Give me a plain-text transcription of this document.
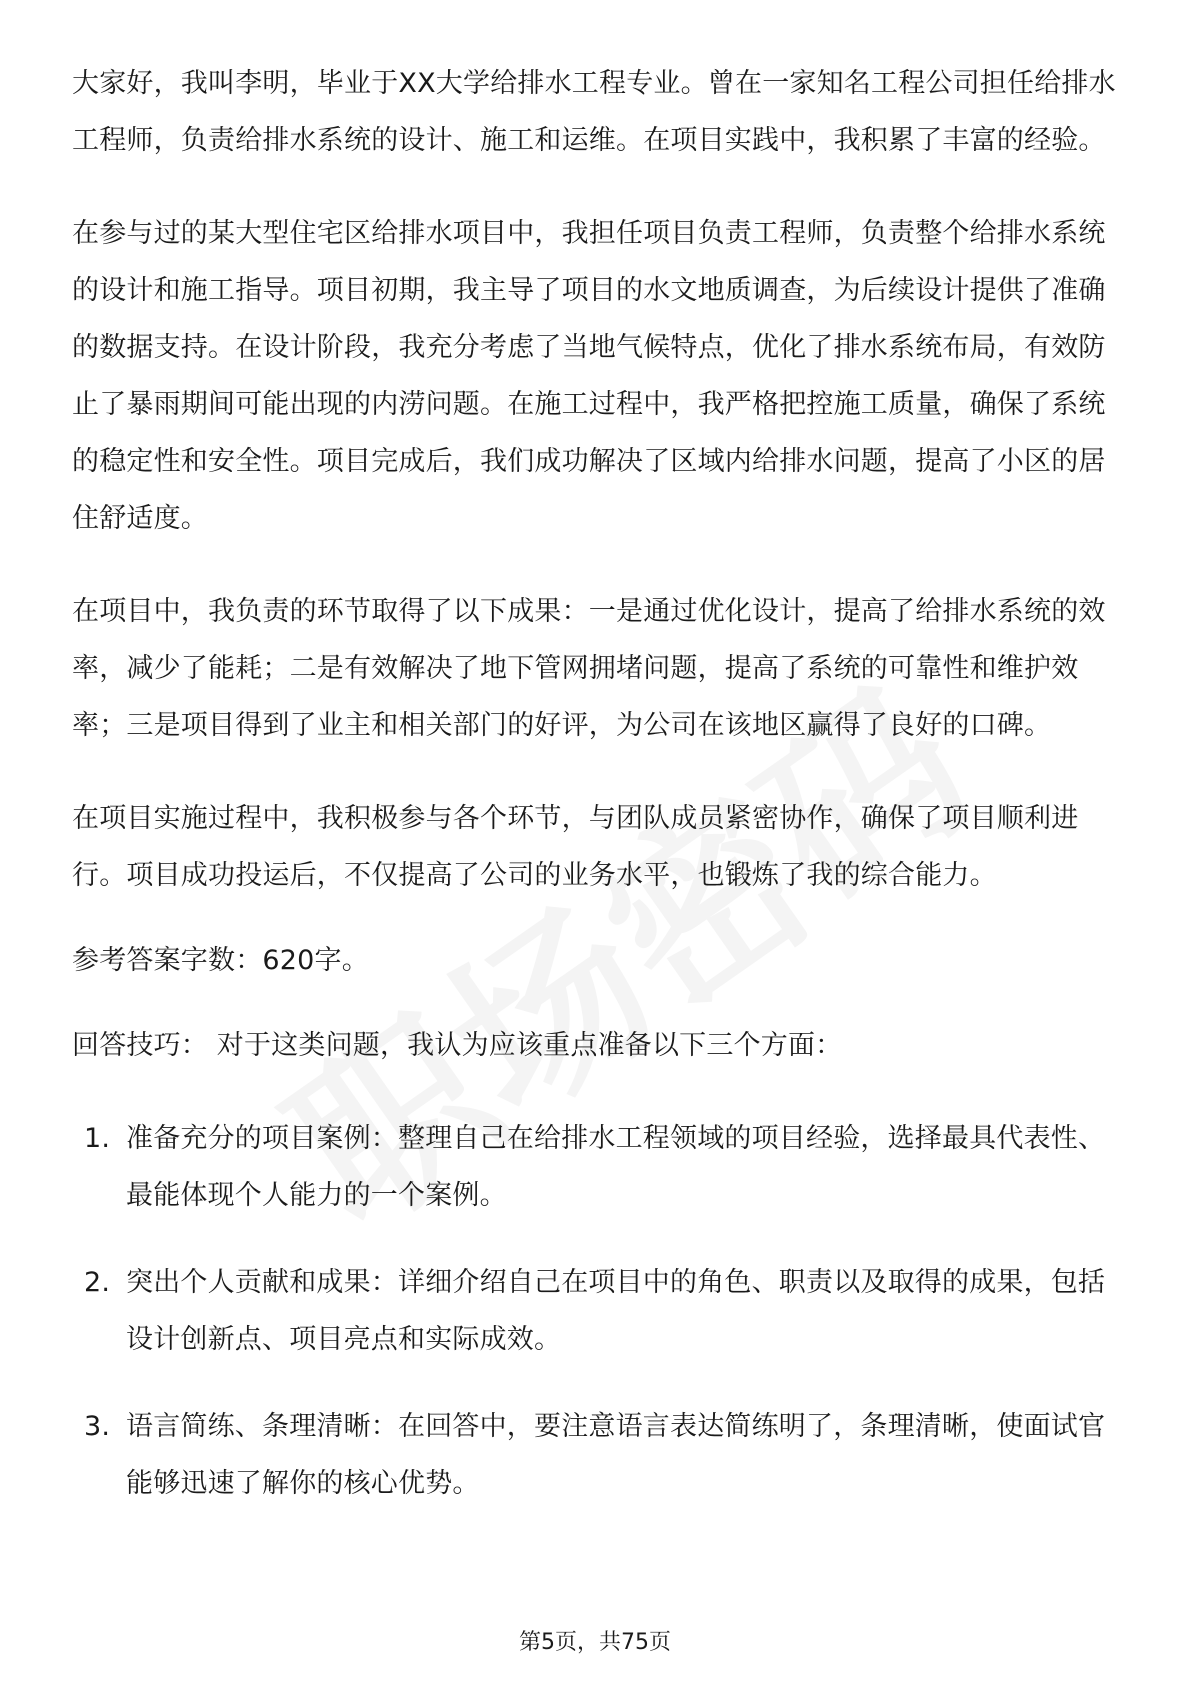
大家好，我叫李明，毕业于XX大学给排水工程专业。曾在一家知名工程公司担任给排水工程师，负责给排水系统的设计、施工和运维。在项目实践中，我积累了丰富的经验。

在参与过的某大型住宅区给排水项目中，我担任项目负责工程师，负责整个给排水系统的设计和施工指导。项目初期，我主导了项目的水文地质调查，为后续设计提供了准确的数据支持。在设计阶段，我充分考虑了当地气候特点，优化了排水系统布局，有效防止了暴雨期间可能出现的内涝问题。在施工过程中，我严格把控施工质量，确保了系统的稳定性和安全性。项目完成后，我们成功解决了区域内给排水问题，提高了小区的居住舒适度。

在项目中，我负责的环节取得了以下成果：一是通过优化设计，提高了给排水系统的效率，减少了能耗；二是有效解决了地下管网拥堵问题，提高了系统的可靠性和维护效率；三是项目得到了业主和相关部门的好评，为公司在该地区赢得了良好的口碑。

在项目实施过程中，我积极参与各个环节，与团队成员紧密协作，确保了项目顺利进行。项目成功投运后，不仅提高了公司的业务水平，也锻炼了我的综合能力。

参考答案字数：620字。

回答技巧： 对于这类问题，我认为应该重点准备以下三个方面：

1. 准备充分的项目案例：整理自己在给排水工程领域的项目经验，选择最具代表性、最能体现个人能力的一个案例。
2. 突出个人贡献和成果：详细介绍自己在项目中的角色、职责以及取得的成果，包括设计创新点、项目亮点和实际成效。
3. 语言简练、条理清晰：在回答中，要注意语言表达简练明了，条理清晰，使面试官能够迅速了解你的核心优势。
第5页，共75页
